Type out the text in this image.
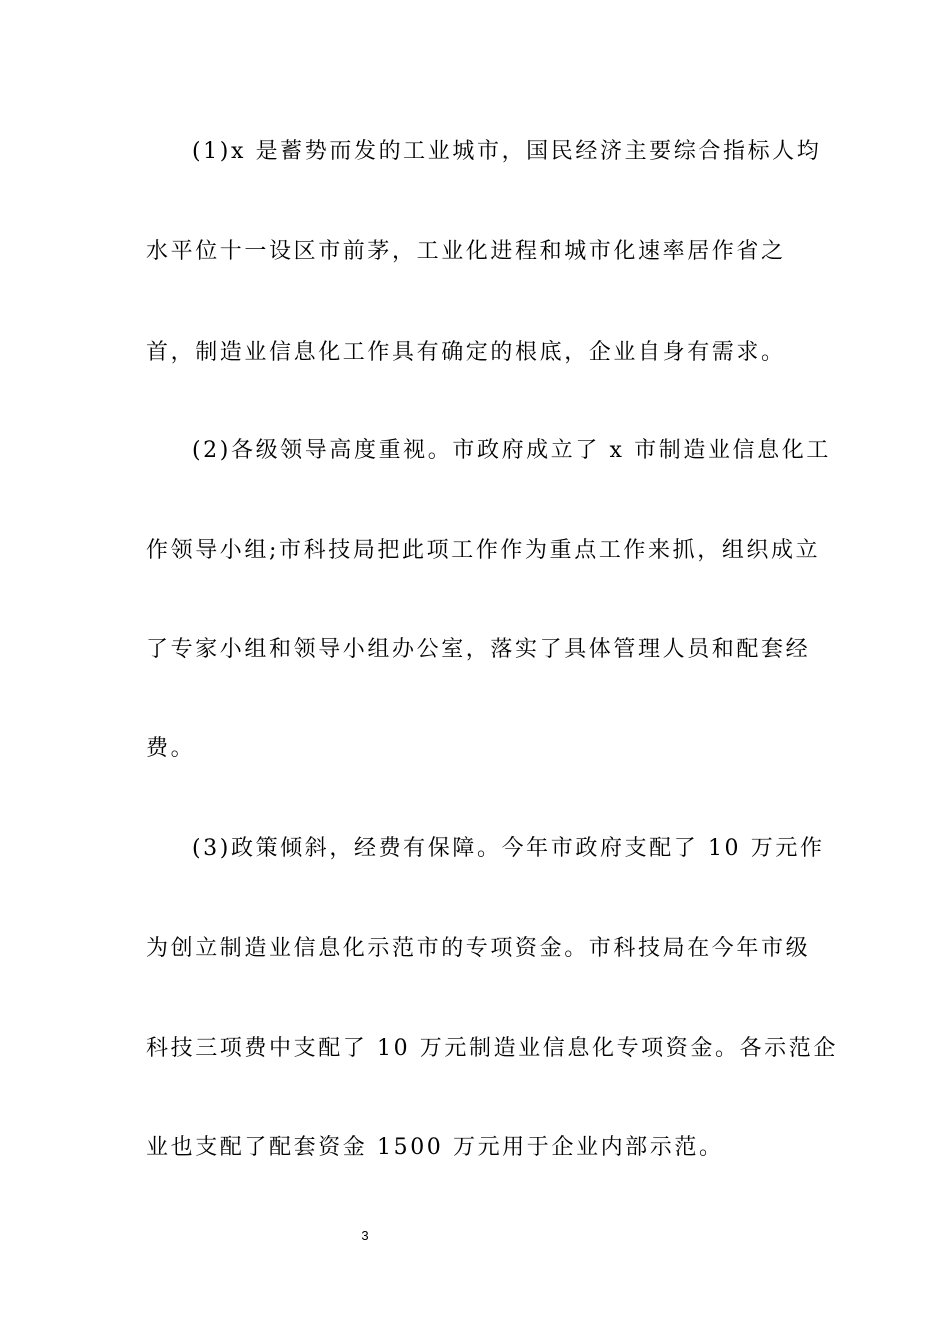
(1)x 是蓄势而发的工业城市，国民经济主要综合指标人均
水平位十一设区市前茅，工业化进程和城市化速率居作省之
首，制造业信息化工作具有确定的根底，企业自身有需求。
(2)各级领导高度重视。市政府成立了 x 市制造业信息化工
作领导小组;市科技局把此项工作作为重点工作来抓，组织成立
了专家小组和领导小组办公室，落实了具体管理人员和配套经
费。
(3)政策倾斜，经费有保障。今年市政府支配了 10 万元作
为创立制造业信息化示范市的专项资金。市科技局在今年市级
科技三项费中支配了 10 万元制造业信息化专项资金。各示范企
业也支配了配套资金 1500 万元用于企业内部示范。
3
